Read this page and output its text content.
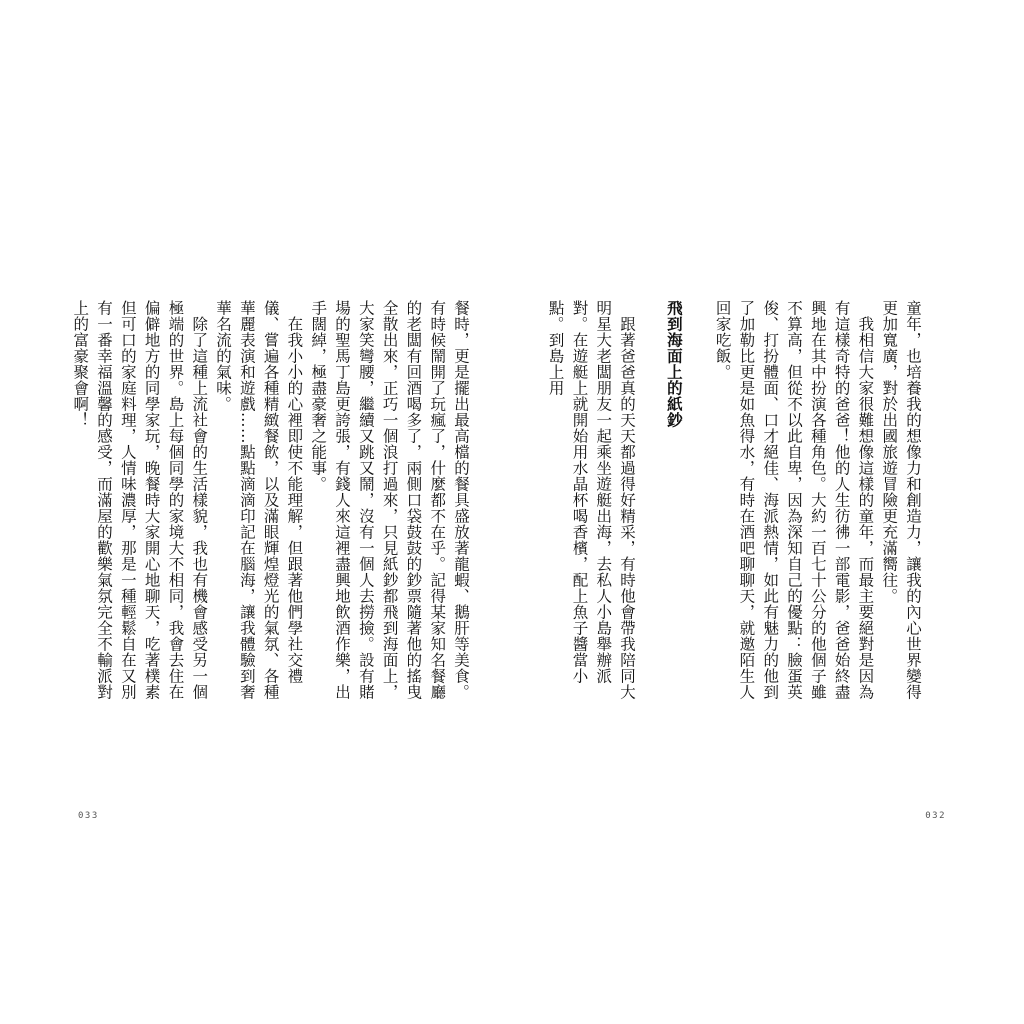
餐時，更是擺出最高檔的餐具盛放著龍蝦、鵝肝等美食。有時候鬧開了玩瘋了，什麼都不在乎。記得某家知名餐廳的老闆有回酒喝多了，兩側口袋鼓鼓的鈔票隨著他的搖曳全散出來，正巧一個浪打過來，只見紙鈔都飛到海面上，大家笑彎腰，繼續又跳又鬧，沒有一個人去撈撿。設有賭場的聖馬丁島更誇張，有錢人來這裡盡興地飲酒作樂，出手闊綽，極盡豪奢之能事。

在我小小的心裡即使不能理解，但跟著他們學社交禮儀、嘗遍各種精緻餐飲，以及滿眼輝煌燈光的氣氛、各種華麗表演和遊戲……點點滴滴印記在腦海，讓我體驗到奢華名流的氣味。

除了這種上流社會的生活樣貌，我也有機會感受另一個極端的世界。島上每個同學的家境大不相同，我會去住在偏僻地方的同學家玩，晚餐時大家開心地聊天，吃著樸素但可口的家庭料理，人情味濃厚，那是一種輕鬆自在又別有一番幸福溫馨的感受，而滿屋的歡樂氣氛完全不輸派對上的富豪聚會啊！

033

童年，也培養我的想像力和創造力，讓我的內心世界變得更加寬廣，對於出國旅遊冒險更充滿嚮往。

我相信大家很難想像這樣的童年，而最主要絕對是因為有這樣奇特的爸爸！他的人生彷彿一部電影，爸爸始終盡興地在其中扮演各種角色。大約一百七十公分的他個子雖不算高，但從不以此自卑，因為深知自己的優點：臉蛋英俊、打扮體面、口才絕佳、海派熱情，如此有魅力的他到了加勒比更是如魚得水，有時在酒吧聊聊天，就邀陌生人回家吃飯。

飛到海面上的紙鈔

跟著爸爸真的天天都過得好精采，有時他會帶我陪同大明星大老闆朋友一起乘坐遊艇出海，去私人小島舉辦派對。在遊艇上就開始用水晶杯喝香檳，配上魚子醬當小點。到島上用

032
